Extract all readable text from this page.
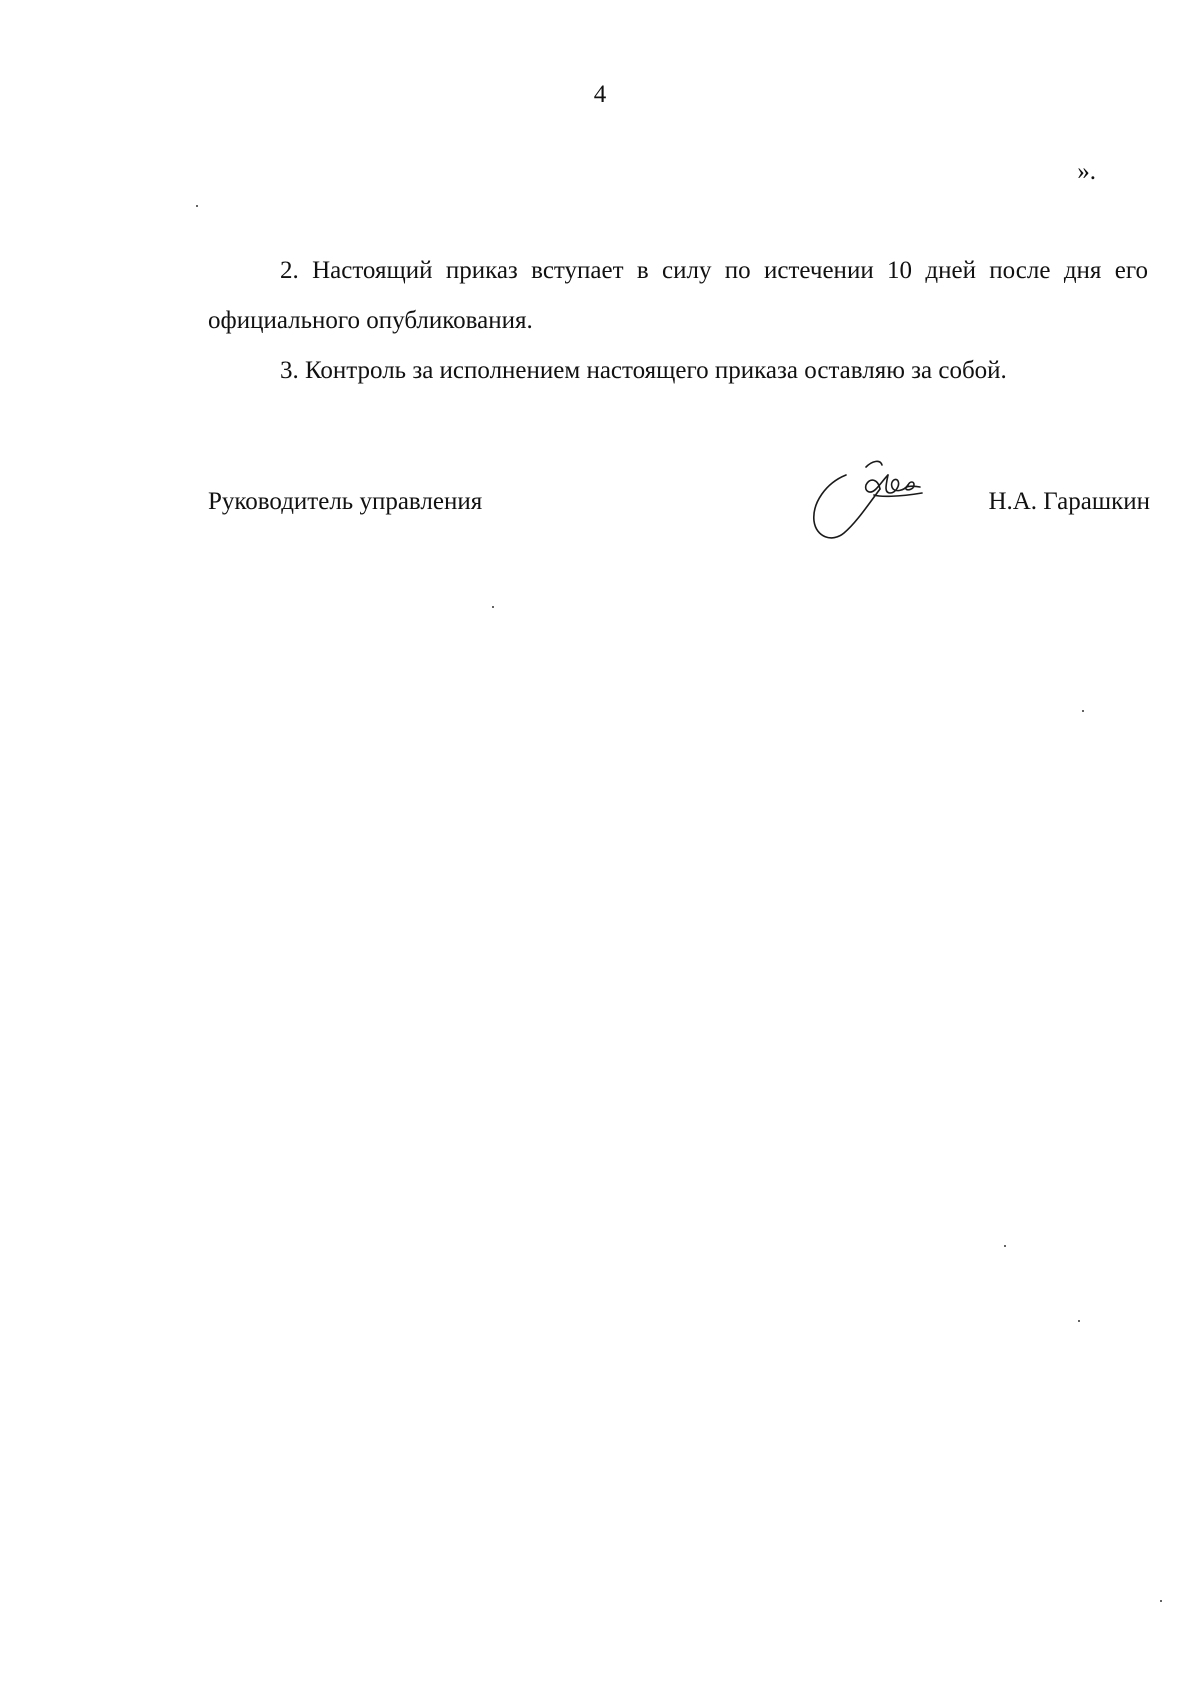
4
».

2. Настоящий приказ вступает в силу по истечении 10 дней после дня его официального опубликования.

3. Контроль за исполнением настоящего приказа оставляю за собой.

Руководитель управления	Н.А. Гарашкин
